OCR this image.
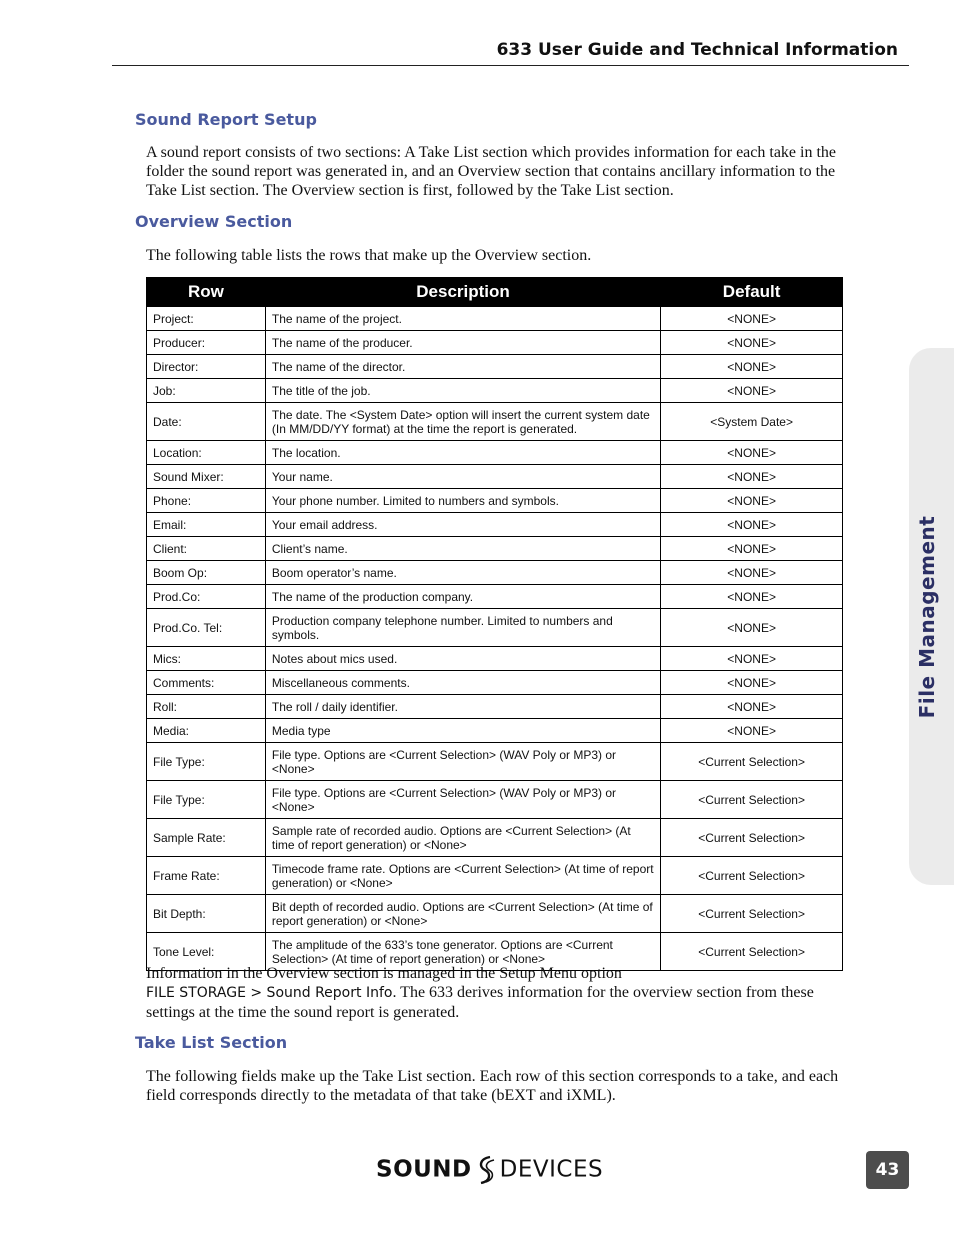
633 User Guide and Technical Information
File Management
Sound Report Setup

A sound report consists of two sections: A Take List section which provides information for each take in the folder the sound report was generated in, and an Overview section that contains ancillary information to the Take List section. The Overview section is first, followed by the Take List section.

Overview Section

The following table lists the rows that make up the Overview section.

Row	Description	Default
Project:	The name of the project.	<NONE>
Producer:	The name of the producer.	<NONE>
Director:	The name of the director.	<NONE>
Job:	The title of the job.	<NONE>
Date:	The date. The <System Date> option will insert the current system date (In MM/DD/YY format) at the time the report is generated.	<System Date>
Location:	The location.	<NONE>
Sound Mixer:	Your name.	<NONE>
Phone:	Your phone number. Limited to numbers and symbols.	<NONE>
Email:	Your email address.	<NONE>
Client:	Client’s name.	<NONE>
Boom Op:	Boom operator’s name.	<NONE>
Prod.Co:	The name of the production company.	<NONE>
Prod.Co. Tel:	Production company telephone number. Limited to numbers and symbols.	<NONE>
Mics:	Notes about mics used.	<NONE>
Comments:	Miscellaneous comments.	<NONE>
Roll:	The roll / daily identifier.	<NONE>
Media:	Media type	<NONE>
File Type:	File type. Options are <Current Selection> (WAV Poly or MP3) or <None>	<Current Selection>
File Type:	File type. Options are <Current Selection> (WAV Poly or MP3) or <None>	<Current Selection>
Sample Rate:	Sample rate of recorded audio. Options are <Current Selection> (At time of report generation) or <None>	<Current Selection>
Frame Rate:	Timecode frame rate. Options are <Current Selection> (At time of report generation) or <None>	<Current Selection>
Bit Depth:	Bit depth of recorded audio. Options are <Current Selection> (At time of report generation) or <None>	<Current Selection>
Tone Level:	The amplitude of the 633’s tone generator. Options are <Current Selection> (At time of report generation) or <None>	<Current Selection>

Information in the Overview section is managed in the Setup Menu option
FILE STORAGE > Sound Report Info. The 633 derives information for the overview section from these settings at the time the sound report is generated.

Take List Section

The following fields make up the Take List section. Each row of this section corresponds to a take, and each field corresponds directly to the metadata of that take (bEXT and iXML).

SOUND DEVICES	43
